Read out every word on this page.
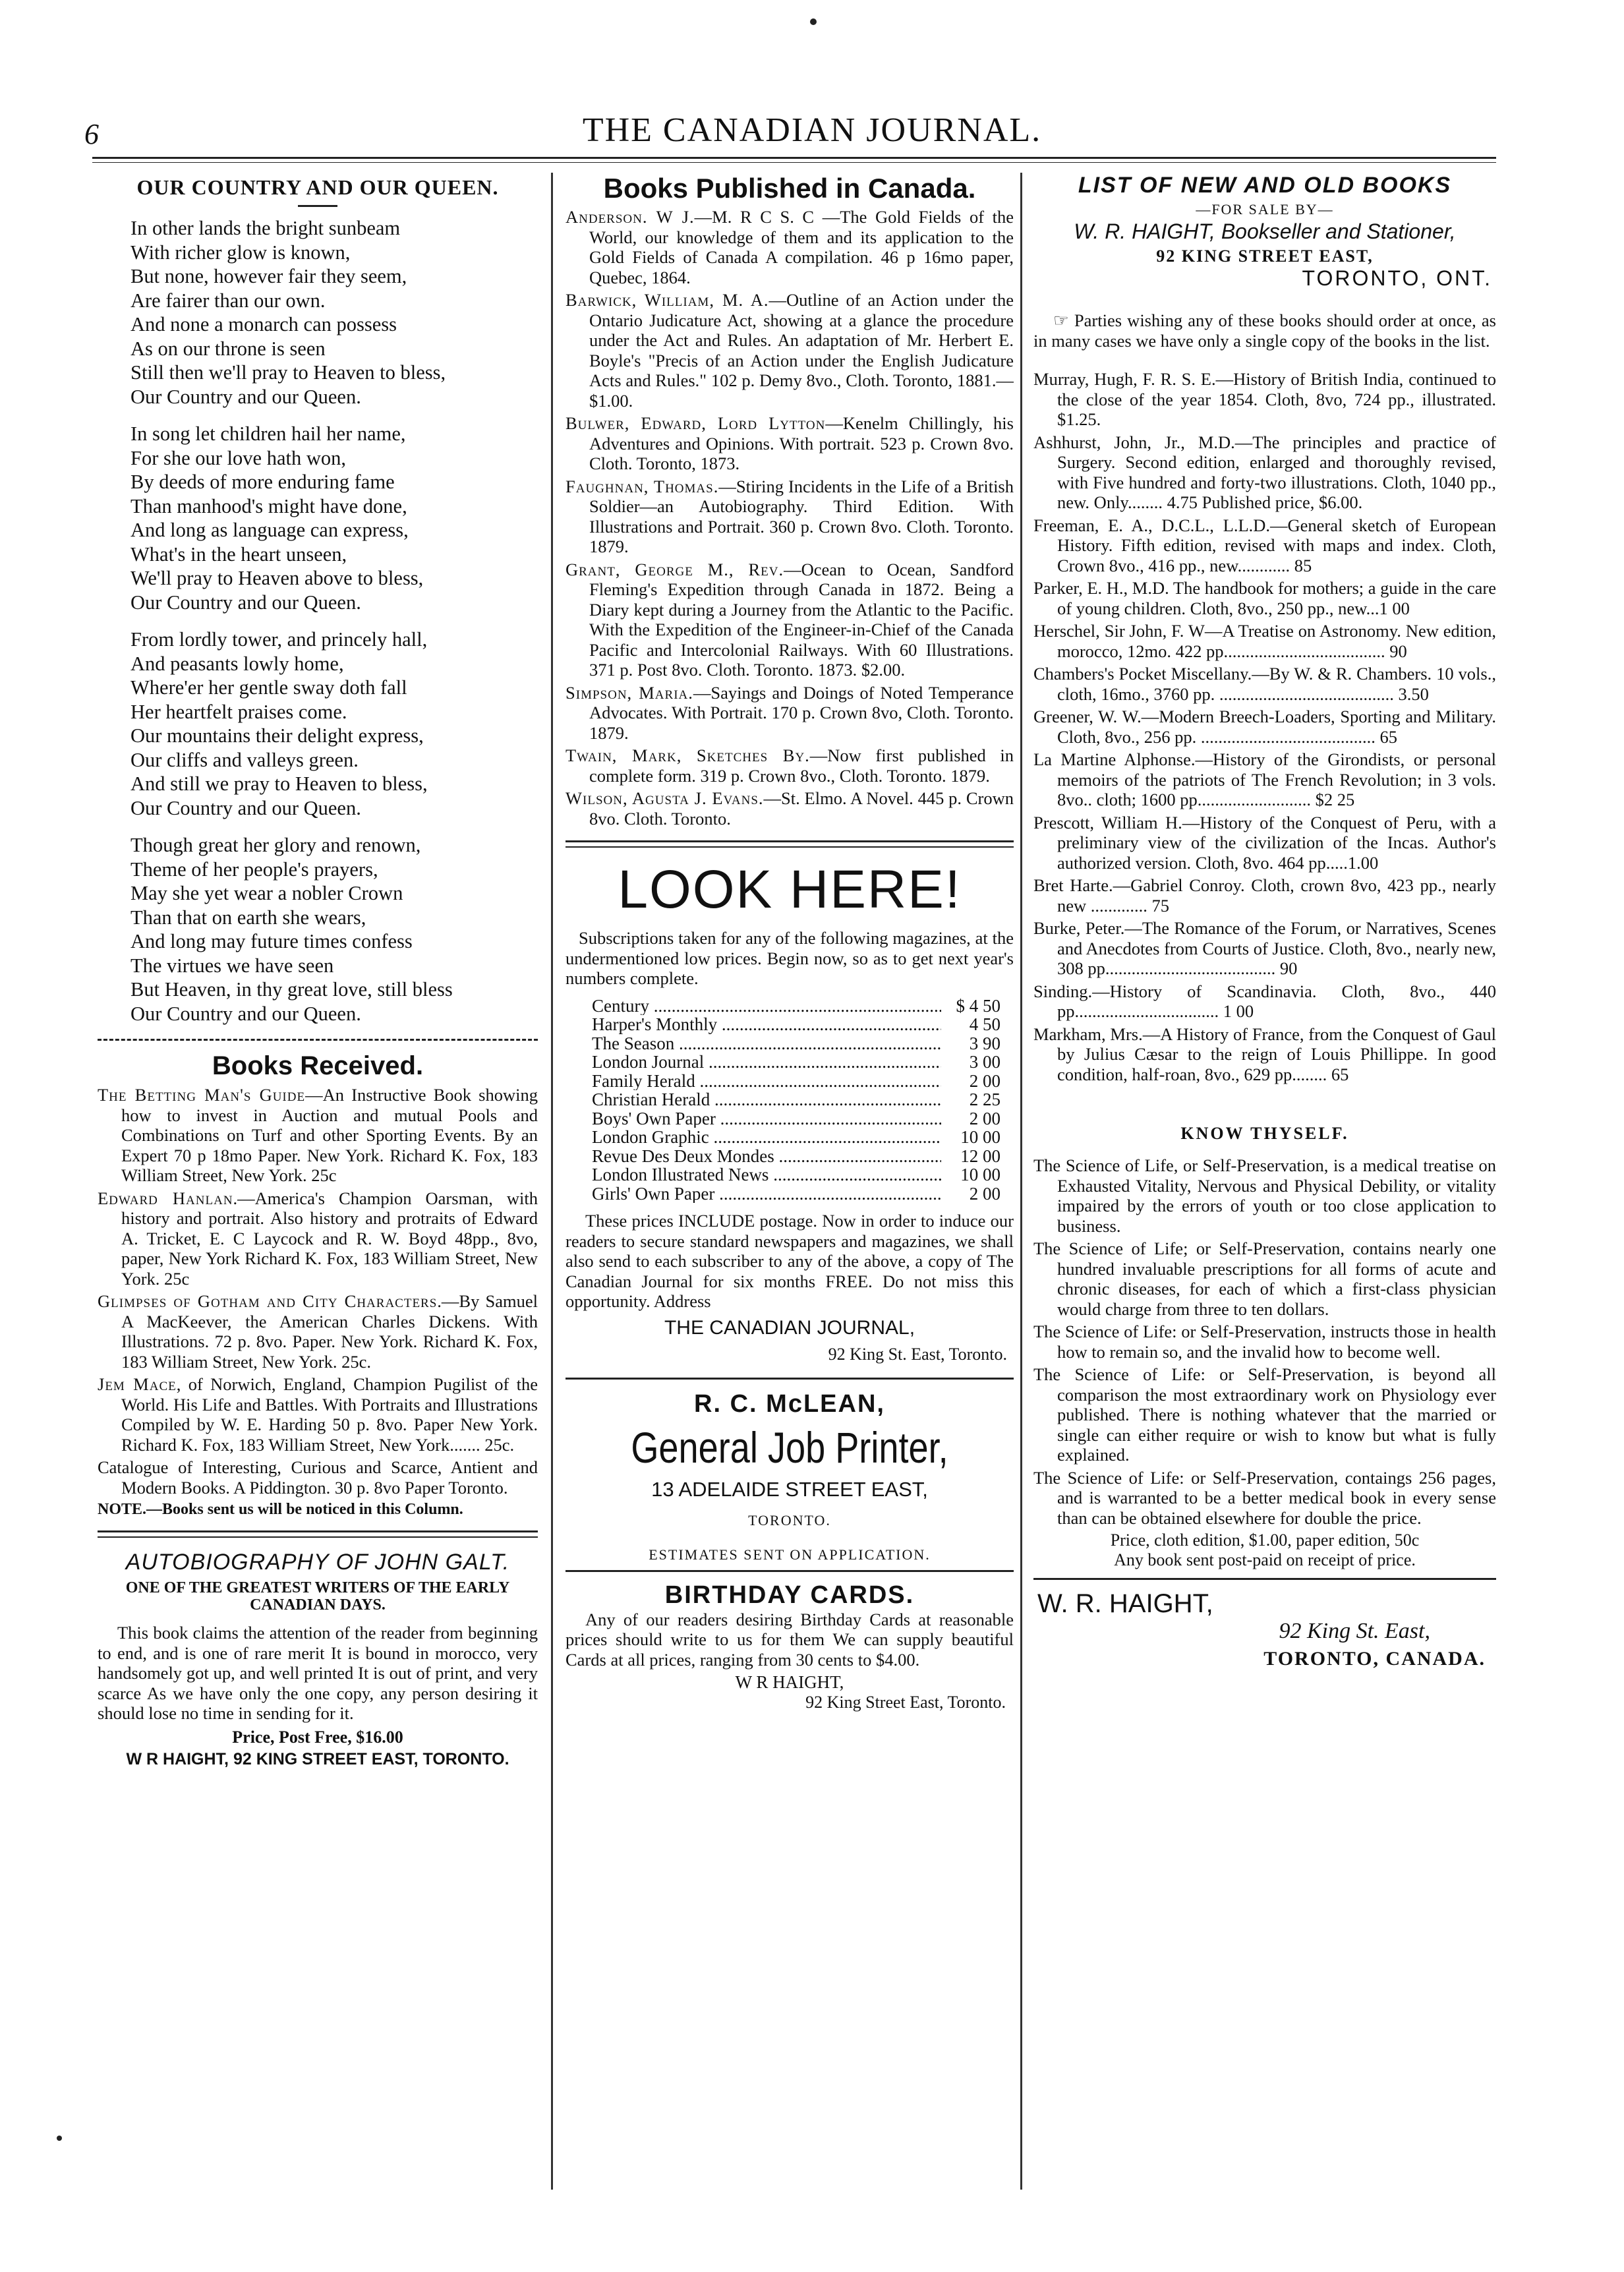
6	THE CANADIAN JOURNAL.
OUR COUNTRY AND OUR QUEEN.
In other lands the bright sunbeam
With richer glow is known,
But none, however fair they seem,
Are fairer than our own.
And none a monarch can possess
As on our throne is seen
Still then we'll pray to Heaven to bless,
Our Country and our Queen.
In song let children hail her name,
For she our love hath won,
By deeds of more enduring fame
Than manhood's might have done,
And long as language can express,
What's in the heart unseen,
We'll pray to Heaven above to bless,
Our Country and our Queen.
From lordly tower, and princely hall,
And peasants lowly home,
Where'er her gentle sway doth fall
Her heartfelt praises come.
Our mountains their delight express,
Our cliffs and valleys green.
And still we pray to Heaven to bless,
Our Country and our Queen.
Though great her glory and renown,
Theme of her people's prayers,
May she yet wear a nobler Crown
Than that on earth she wears,
And long may future times confess
The virtues we have seen
But Heaven, in thy great love, still bless
Our Country and our Queen.
Books Received.
The Betting Man's Guide—An Instructive Book showing how to invest in Auction and mutual Pools and Combinations on Turf and other Sporting Events. By an Expert 70 p 18mo Paper. New York. Richard K. Fox, 183 William Street, New York. 25c
Edward Hanlan.—America's Champion Oarsman, with history and portrait. Also history and protraits of Edward A. Tricket, E. C Laycock and R. W. Boyd 48pp., 8vo, paper, New York Richard K. Fox, 183 William Street, New York. 25c
Glimpses of Gotham and City Characters.—By Samuel A MacKeever, the American Charles Dickens. With Illustrations. 72 p. 8vo. Paper. New York. Richard K. Fox, 183 William Street, New York. 25c.
Jem Mace, of Norwich, England, Champion Pugilist of the World. His Life and Battles. With Portraits and Illustrations Compiled by W. E. Harding 50 p. 8vo. Paper New York. Richard K. Fox, 183 William Street, New York....... 25c.
Catalogue of Interesting, Curious and Scarce, Antient and Modern Books. A Piddington. 30 p. 8vo Paper Toronto.
NOTE.—Books sent us will be noticed in this Column.
AUTOBIOGRAPHY OF JOHN GALT.
ONE OF THE GREATEST WRITERS OF THE EARLY CANADIAN DAYS.
This book claims the attention of the reader from beginning to end, and is one of rare merit It is bound in morocco, very handsomely got up, and well printed It is out of print, and very scarce As we have only the one copy, any person desiring it should lose no time in sending for it.
Price, Post Free, $16.00
W R HAIGHT, 92 KING STREET EAST, TORONTO.
Books Published in Canada.
Anderson. W J.—M. R C S. C —The Gold Fields of the World, our knowledge of them and its application to the Gold Fields of Canada A compilation. 46 p 16mo paper, Quebec, 1864.
Barwick, William, M. A.—Outline of an Action under the Ontario Judicature Act, showing at a glance the procedure under the Act and Rules. An adaptation of Mr. Herbert E. Boyle's "Precis of an Action under the English Judicature Acts and Rules." 102 p. Demy 8vo., Cloth. Toronto, 1881.—$1.00.
Bulwer, Edward, Lord Lytton—Kenelm Chillingly, his Adventures and Opinions. With portrait. 523 p. Crown 8vo. Cloth. Toronto, 1873.
Faughnan, Thomas.—Stiring Incidents in the Life of a British Soldier—an Autobiography. Third Edition. With Illustrations and Portrait. 360 p. Crown 8vo. Cloth. Toronto. 1879.
Grant, George M., Rev.—Ocean to Ocean, Sandford Fleming's Expedition through Canada in 1872. Being a Diary kept during a Journey from the Atlantic to the Pacific. With the Expedition of the Engineer-in-Chief of the Canada Pacific and Intercolonial Railways. With 60 Illustrations. 371 p. Post 8vo. Cloth. Toronto. 1873. $2.00.
Simpson, Maria.—Sayings and Doings of Noted Temperance Advocates. With Portrait. 170 p. Crown 8vo, Cloth. Toronto. 1879.
Twain, Mark, Sketches By.—Now first published in complete form. 319 p. Crown 8vo., Cloth. Toronto. 1879.
Wilson, Agusta J. Evans.—St. Elmo. A Novel. 445 p. Crown 8vo. Cloth. Toronto.
LOOK HERE!
Subscriptions taken for any of the following magazines, at the undermentioned low prices. Begin now, so as to get next year's numbers complete.
Century .....	$ 4 50
Harper's Monthly .....	4 50
The Season .....	3 90
London Journal .....	3 00
Family Herald .....	2 00
Christian Herald .....	2 25
Boys' Own Paper .....	2 00
London Graphic .....	10 00
Revue Des Deux Mondes .....	12 00
London Illustrated News .....	10 00
Girls' Own Paper .....	2 00
These prices INCLUDE postage. Now in order to induce our readers to secure standard newspapers and magazines, we shall also send to each subscriber to any of the above, a copy of The Canadian Journal for six months FREE. Do not miss this opportunity. Address
THE CANADIAN JOURNAL,
92 King St. East, Toronto.
R. C. McLEAN,
General Job Printer,
13 ADELAIDE STREET EAST,
TORONTO.
ESTIMATES SENT ON APPLICATION.
BIRTHDAY CARDS.
Any of our readers desiring Birthday Cards at reasonable prices should write to us for them We can supply beautiful Cards at all prices, ranging from 30 cents to $4.00.
W R HAIGHT,
92 King Street East, Toronto.
LIST OF NEW AND OLD BOOKS
—FOR SALE BY—
W. R. HAIGHT, Bookseller and Stationer,
92 KING STREET EAST,
TORONTO, ONT.
☞ Parties wishing any of these books should order at once, as in many cases we have only a single copy of the books in the list.
Murray, Hugh, F. R. S. E.—History of British India, continued to the close of the year 1854. Cloth, 8vo, 724 pp., illustrated. $1.25.
Ashhurst, John, Jr., M.D.—The principles and practice of Surgery. Second edition, enlarged and thoroughly revised, with Five hundred and forty-two illustrations. Cloth, 1040 pp., new. Only........ 4.75 Published price, $6.00.
Freeman, E. A., D.C.L., L.L.D.—General sketch of European History. Fifth edition, revised with maps and index. Cloth, Crown 8vo., 416 pp., new............ 85
Parker, E. H., M.D. The handbook for mothers; a guide in the care of young children. Cloth, 8vo., 250 pp., new...1 00
Herschel, Sir John, F. W—A Treatise on Astronomy. New edition, morocco, 12mo. 422 pp..................................... 90
Chambers's Pocket Miscellany.—By W. & R. Chambers. 10 vols., cloth, 16mo., 3760 pp. ........................................ 3.50
Greener, W. W.—Modern Breech-Loaders, Sporting and Military. Cloth, 8vo., 256 pp. ........................................ 65
La Martine Alphonse.—History of the Girondists, or personal memoirs of the patriots of The French Revolution; in 3 vols. 8vo.. cloth; 1600 pp.......................... $2 25
Prescott, William H.—History of the Conquest of Peru, with a preliminary view of the civilization of the Incas. Author's authorized version. Cloth, 8vo. 464 pp.....1.00
Bret Harte.—Gabriel Conroy. Cloth, crown 8vo, 423 pp., nearly new ............. 75
Burke, Peter.—The Romance of the Forum, or Narratives, Scenes and Anecdotes from Courts of Justice. Cloth, 8vo., nearly new, 308 pp....................................... 90
Sinding.—History of Scandinavia. Cloth, 8vo., 440 pp................................. 1 00
Markham, Mrs.—A History of France, from the Conquest of Gaul by Julius Cæsar to the reign of Louis Phillippe. In good condition, half-roan, 8vo., 629 pp........ 65
KNOW THYSELF.
The Science of Life, or Self-Preservation, is a medical treatise on Exhausted Vitality, Nervous and Physical Debility, or vitality impaired by the errors of youth or too close application to business.
The Science of Life; or Self-Preservation, contains nearly one hundred invaluable prescriptions for all forms of acute and chronic diseases, for each of which a first-class physician would charge from three to ten dollars.
The Science of Life: or Self-Preservation, instructs those in health how to remain so, and the invalid how to become well.
The Science of Life: or Self-Preservation, is beyond all comparison the most extraordinary work on Physiology ever published. There is nothing whatever that the married or single can either require or wish to know but what is fully explained.
The Science of Life: or Self-Preservation, contaings 256 pages, and is warranted to be a better medical book in every sense than can be obtained elsewhere for double the price.
Price, cloth edition, $1.00, paper edition, 50c
Any book sent post-paid on receipt of price.
W. R. HAIGHT,
92 King St. East,
TORONTO, CANADA.
